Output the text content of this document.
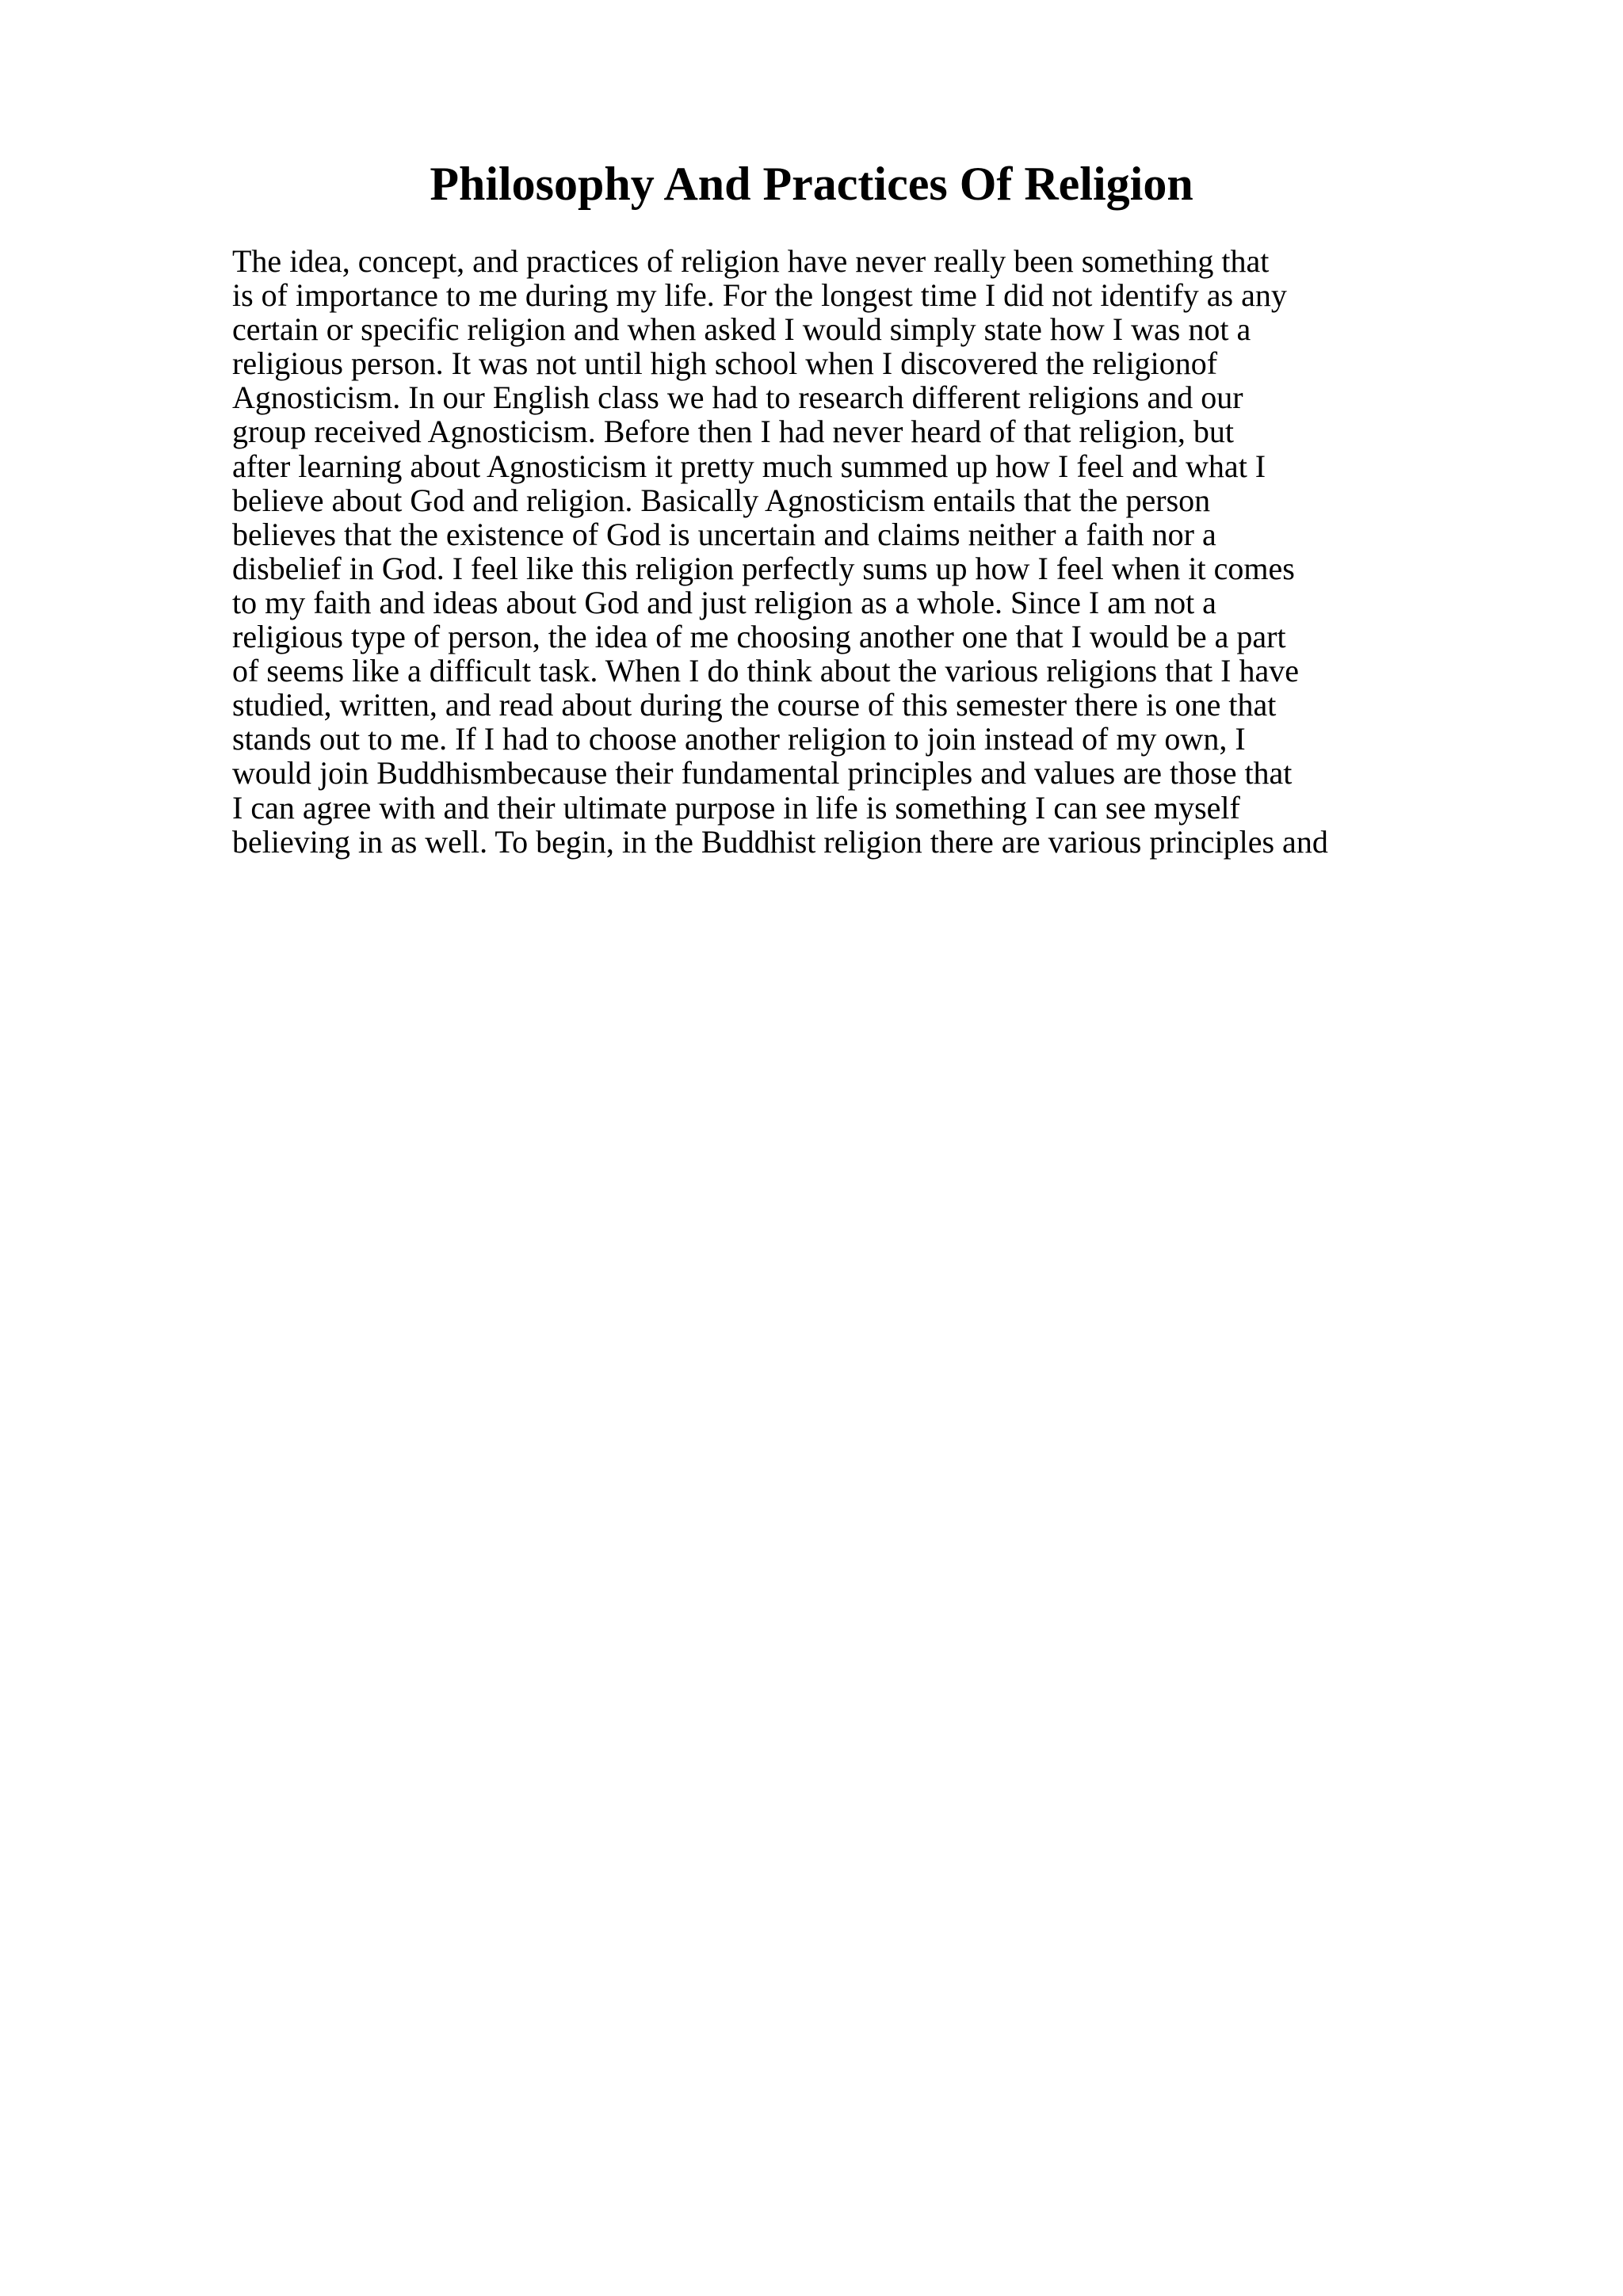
Philosophy And Practices Of Religion
The idea, concept, and practices of religion have never really been something that
is of importance to me during my life. For the longest time I did not identify as any
certain or specific religion and when asked I would simply state how I was not a
religious person. It was not until high school when I discovered the religionof
Agnosticism. In our English class we had to research different religions and our
group received Agnosticism. Before then I had never heard of that religion, but
after learning about Agnosticism it pretty much summed up how I feel and what I
believe about God and religion. Basically Agnosticism entails that the person
believes that the existence of God is uncertain and claims neither a faith nor a
disbelief in God. I feel like this religion perfectly sums up how I feel when it comes
to my faith and ideas about God and just religion as a whole. Since I am not a
religious type of person, the idea of me choosing another one that I would be a part
of seems like a difficult task. When I do think about the various religions that I have
studied, written, and read about during the course of this semester there is one that
stands out to me. If I had to choose another religion to join instead of my own, I
would join Buddhismbecause their fundamental principles and values are those that
I can agree with and their ultimate purpose in life is something I can see myself
believing in as well. To begin, in the Buddhist religion there are various principles and
